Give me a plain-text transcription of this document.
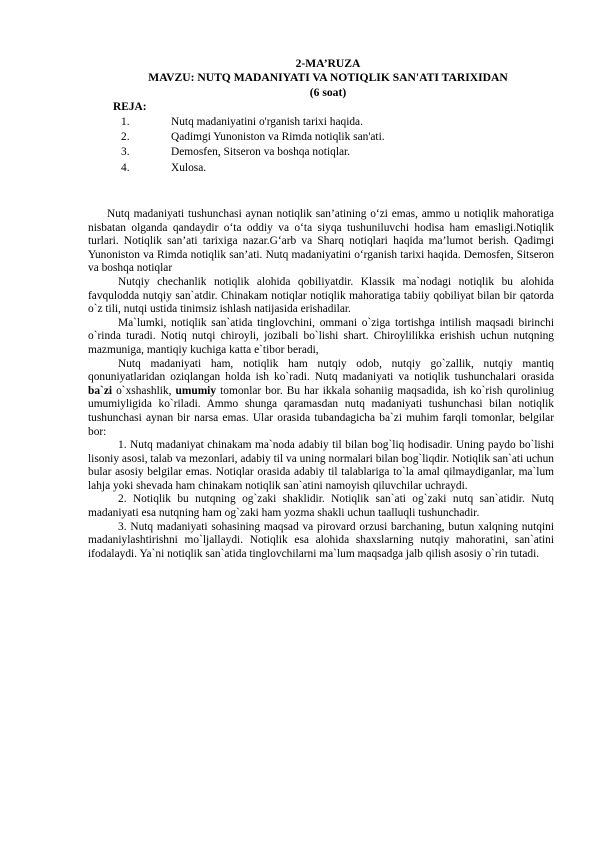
2-MA’RUZA
MAVZU: NUTQ MADANIYATI VA NOTIQLIK SAN'ATI TARIXIDAN
(6 soat)
REJA:
1.	Nutq madaniyatini o'rganish tarixi haqida.
2.	Qadimgi Yunoniston va Rimda notiqlik san'ati.
3.	Demosfen, Sitseron va boshqa notiqlar.
4.	Xulosa.

Nutq madaniyati tushunchasi aynan notiqlik san’atining o‘zi emas, ammo u notiqlik mahoratiga nisbatan olganda qandaydir o‘ta oddiy va o‘ta siyqa tushuniluvchi hodisa ham emasligi.Notiqlik turlari. Notiqlik san’ati tarixiga nazar.G‘arb va Sharq notiqlari haqida ma’lumot berish. Qadimgi Yunoniston va Rimda notiqlik san’ati. Nutq madaniyatini o‘rganish tarixi haqida. Demosfen, Sitseron va boshqa notiqlar

Nutqiy chechanlik notiqlik alohida qobiliyatdir. Klassik ma`nodagi notiqlik bu alohida favqulodda nutqiy san`atdir. Chinakam notiqlar notiqlik mahoratiga tabiiy qobiliyat bilan bir qatorda o`z tili, nutqi ustida tinimsiz ishlash natijasida erishadilar.

Ma`lumki, notiqlik san`atida tinglovchini, ommani o`ziga tortishga intilish maqsadi birinchi o`rinda turadi. Notiq nutqi chiroyli, jozibali bo`lishi shart. Chiroylilikka erishish uchun nutqning mazmuniga, mantiqiy kuchiga katta e`tibor beradi,

Nutq madaniyati ham, notiqlik ham nutqiy odob, nutqiy go`zallik, nutqiy mantiq qonuniyatlaridan oziqlangan holda ish ko`radi. Nutq madaniyati va notiqlik tushunchalari orasida ba`zi o`xshashlik, umumiy tomonlar bor. Bu har ikkala sohaniig maqsadida, ish ko`rish quroliniug umumiyligida ko`riladi. Ammo shunga qaramasdan nutq madaniyati tushunchasi bilan notiqlik tushunchasi aynan bir narsa emas. Ular orasida tubandagicha ba`zi muhim farqli tomonlar, belgilar bor:

1. Nutq madaniyat chinakam ma`noda adabiy til bilan bog`liq hodisadir. Uning paydo bo`lishi lisoniy asosi, talab va mezonlari, adabiy til va uning normalari bilan bog`liqdir. Notiqlik san`ati uchun bular asosiy belgilar emas. Notiqlar orasida adabiy til talablariga to`la amal qilmaydiganlar, ma`lum lahja yoki shevada ham chinakam notiqlik san`atini namoyish qiluvchilar uchraydi.

2. Notiqlik bu nutqning og`zaki shaklidir. Notiqlik san`ati og`zaki nutq san`atidir. Nutq madaniyati esa nutqning ham og`zaki ham yozma shakli uchun taalluqli tushunchadir.

3. Nutq madaniyati sohasining maqsad va pirovard orzusi barchaning, butun xalqning nutqini madaniylashtirishni mo`ljallaydi. Notiqlik esa alohida shaxslarning nutqiy mahoratini, san`atini ifodalaydi. Ya`ni notiqlik san`atida tinglovchilarni ma`lum maqsadga jalb qilish asosiy o`rin tutadi.
